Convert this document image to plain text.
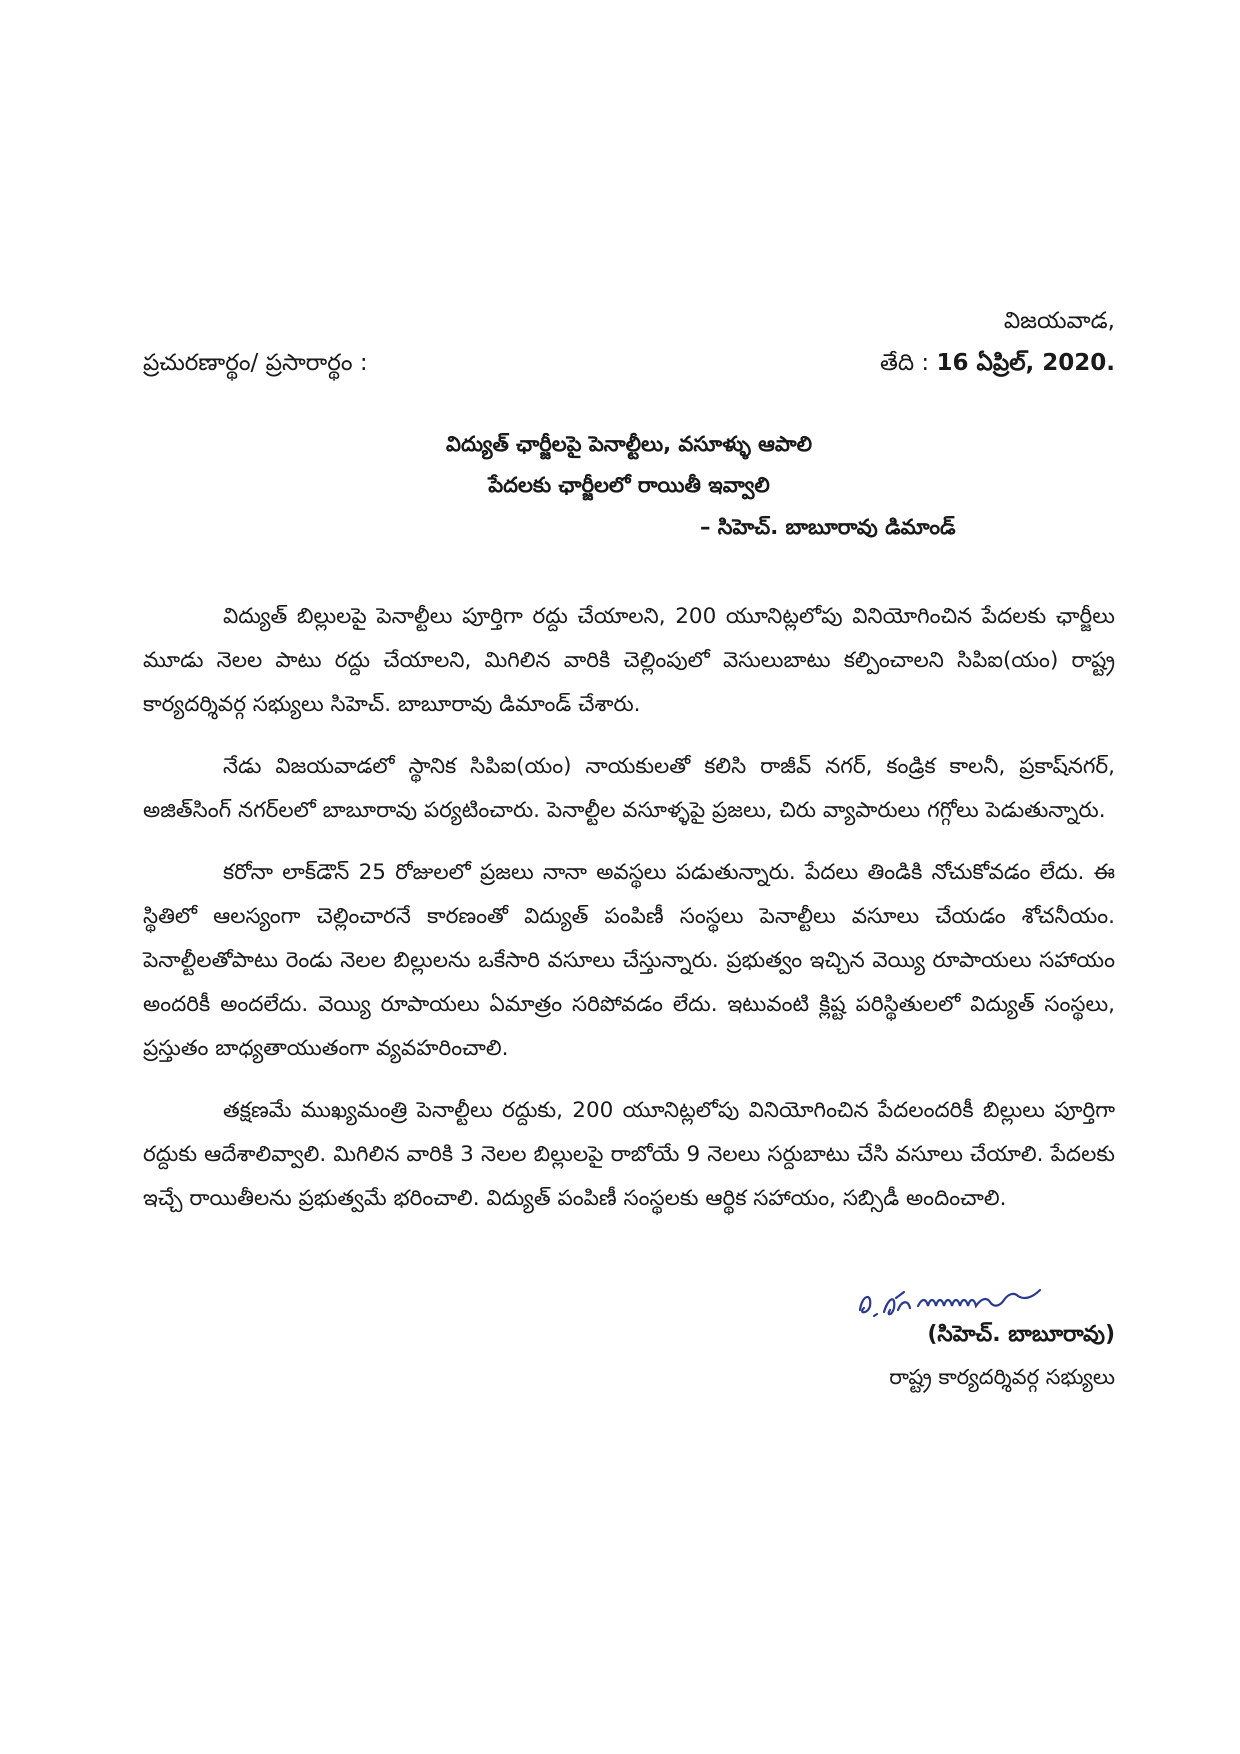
విజయవాడ,
ప్రచురణార్థం/ ప్రసారార్థం :	తేది : 16 ఏప్రిల్, 2020.
విద్యుత్ ఛార్జీలపై పెనాల్టీలు, వసూళ్ళు ఆపాలి
పేదలకు ఛార్జీలలో రాయితీ ఇవ్వాలి
– సిహెచ్. బాబూరావు డిమాండ్

విద్యుత్ బిల్లులపై పెనాల్టీలు పూర్తిగా రద్దు చేయాలని, 200 యూనిట్లలోపు వినియోగించిన పేదలకు ఛార్జీలు మూడు నెలల పాటు రద్దు చేయాలని, మిగిలిన వారికి చెల్లింపులో వెసులుబాటు కల్పించాలని సిపిఐ(యం) రాష్ట్ర కార్యదర్శివర్గ సభ్యులు సిహెచ్. బాబూరావు డిమాండ్ చేశారు.

నేడు విజయవాడలో స్థానిక సిపిఐ(యం) నాయకులతో కలిసి రాజీవ్ నగర్, కండ్రిక కాలనీ, ప్రకాష్‌నగర్, అజిత్‌సింగ్ నగర్‌లలో బాబూరావు పర్యటించారు. పెనాల్టీల వసూళ్ళపై ప్రజలు, చిరు వ్యాపారులు గగ్గోలు పెడుతున్నారు.

కరోనా లాక్‌డౌన్ 25 రోజులలో ప్రజలు నానా అవస్థలు పడుతున్నారు. పేదలు తిండికి నోచుకోవడం లేదు. ఈ స్థితిలో ఆలస్యంగా చెల్లించారనే కారణంతో విద్యుత్ పంపిణీ సంస్థలు పెనాల్టీలు వసూలు చేయడం శోచనీయం. పెనాల్టీలతోపాటు రెండు నెలల బిల్లులను ఒకేసారి వసూలు చేస్తున్నారు. ప్రభుత్వం ఇచ్చిన వెయ్యి రూపాయలు సహాయం అందరికీ అందలేదు. వెయ్యి రూపాయలు ఏమాత్రం సరిపోవడం లేదు. ఇటువంటి క్లిష్ట పరిస్థితులలో విద్యుత్ సంస్థలు, ప్రస్తుతం బాధ్యతాయుతంగా వ్యవహరించాలి.

తక్షణమే ముఖ్యమంత్రి పెనాల్టీలు రద్దుకు, 200 యూనిట్లలోపు వినియోగించిన పేదలందరికీ బిల్లులు పూర్తిగా రద్దుకు ఆదేశాలివ్వాలి. మిగిలిన వారికి 3 నెలల బిల్లులపై రాబోయే 9 నెలలు సర్దుబాటు చేసి వసూలు చేయాలి. పేదలకు ఇచ్చే రాయితీలను ప్రభుత్వమే భరించాలి. విద్యుత్ పంపిణీ సంస్థలకు ఆర్థిక సహాయం, సబ్సిడీ అందించాలి.

(సిహెచ్. బాబూరావు)
రాష్ట్ర కార్యదర్శివర్గ సభ్యులు
